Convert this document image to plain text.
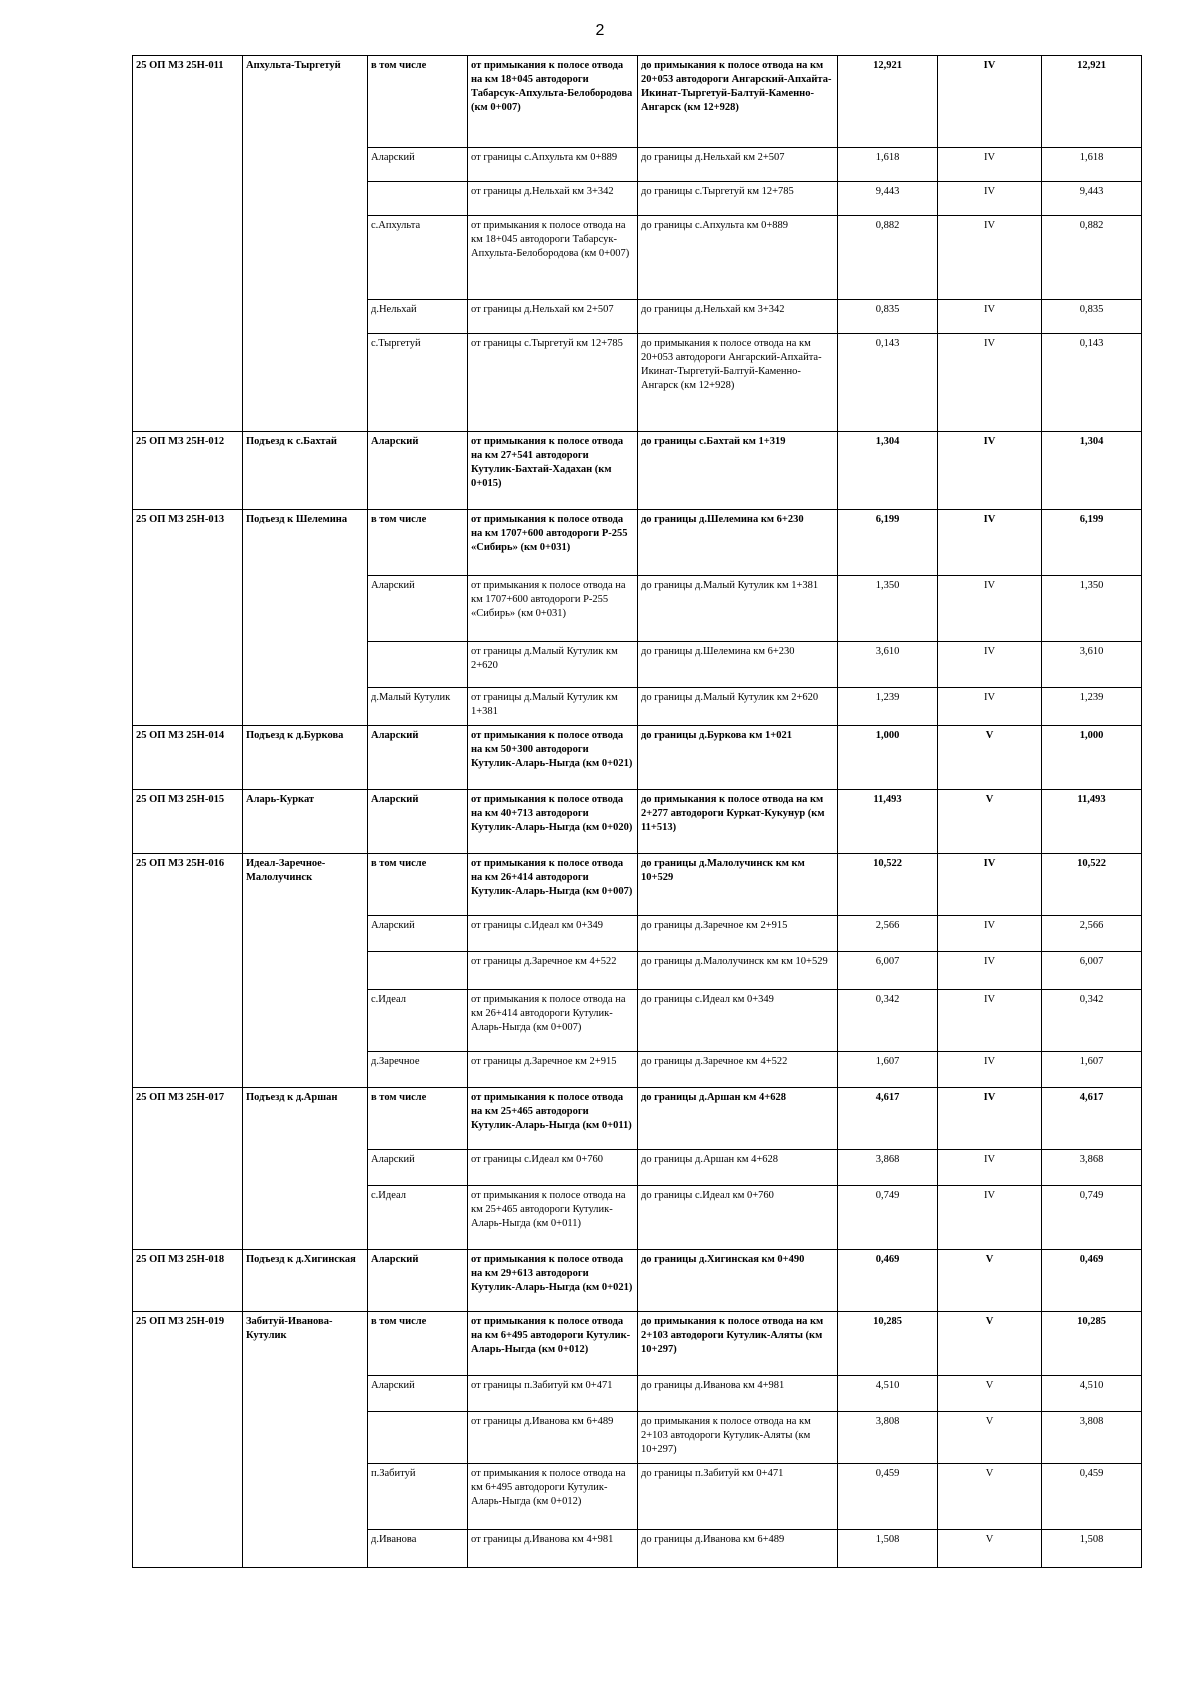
2
25 ОП МЗ 25Н-011	Апхульта-Тыргетуй	в том числе	от примыкания к полосе отвода на км 18+045 автодороги Табарсук-Апхульта-Белобородова (км 0+007)	до примыкания к полосе отвода на км 20+053 автодороги Ангарский-Апхайта-Икинат-Тыргетуй-Балтуй-Каменно-Ангарск (км 12+928)	12,921	IV	12,921
		Аларский	от границы с.Апхульта км 0+889	до границы д.Нельхай км 2+507	1,618	IV	1,618
			от границы д.Нельхай км 3+342	до границы с.Тыргетуй км 12+785	9,443	IV	9,443
		с.Апхульта	от примыкания к полосе отвода на км 18+045 автодороги Табарсук-Апхульта-Белобородова (км 0+007)	до границы с.Апхульта км 0+889	0,882	IV	0,882
		д.Нельхай	от границы д.Нельхай км 2+507	до границы д.Нельхай км 3+342	0,835	IV	0,835
		с.Тыргетуй	от границы с.Тыргетуй км 12+785	до примыкания к полосе отвода на км 20+053 автодороги Ангарский-Апхайта-Икинат-Тыргетуй-Балтуй-Каменно-Ангарск (км 12+928)	0,143	IV	0,143
25 ОП МЗ 25Н-012	Подъезд к с.Бахтай	Аларский	от примыкания к полосе отвода на км 27+541 автодороги Кутулик-Бахтай-Хадахан (км 0+015)	до границы с.Бахтай км 1+319	1,304	IV	1,304
25 ОП МЗ 25Н-013	Подъезд к Шелемина	в том числе	от примыкания к полосе отвода на км 1707+600 автодороги Р-255 «Сибирь» (км 0+031)	до границы д.Шелемина км 6+230	6,199	IV	6,199
		Аларский	от примыкания к полосе отвода на км 1707+600 автодороги Р-255 «Сибирь» (км 0+031)	до границы д.Малый Кутулик км 1+381	1,350	IV	1,350
			от границы д.Малый Кутулик км 2+620	до границы д.Шелемина км 6+230	3,610	IV	3,610
		д.Малый Кутулик	от границы д.Малый Кутулик км 1+381	до границы д.Малый Кутулик км 2+620	1,239	IV	1,239
25 ОП МЗ 25Н-014	Подъезд к д.Буркова	Аларский	от примыкания к полосе отвода на км 50+300 автодороги Кутулик-Аларь-Ныгда (км 0+021)	до границы д.Буркова км 1+021	1,000	V	1,000
25 ОП МЗ 25Н-015	Аларь-Куркат	Аларский	от примыкания к полосе отвода на км 40+713 автодороги Кутулик-Аларь-Ныгда (км 0+020)	до примыкания к полосе отвода на км 2+277 автодороги Куркат-Кукунур (км 11+513)	11,493	V	11,493
25 ОП МЗ 25Н-016	Идеал-Заречное-Малолучинск	в том числе	от примыкания к полосе отвода на км 26+414 автодороги Кутулик-Аларь-Ныгда (км 0+007)	до границы д.Малолучинск км км 10+529	10,522	IV	10,522
		Аларский	от границы с.Идеал км 0+349	до границы д.Заречное км 2+915	2,566	IV	2,566
			от границы д.Заречное км 4+522	до границы д.Малолучинск км км 10+529	6,007	IV	6,007
		с.Идеал	от примыкания к полосе отвода на км 26+414 автодороги Кутулик-Аларь-Ныгда (км 0+007)	до границы с.Идеал км 0+349	0,342	IV	0,342
		д.Заречное	от границы д.Заречное км 2+915	до границы д.Заречное км 4+522	1,607	IV	1,607
25 ОП МЗ 25Н-017	Подъезд к д.Аршан	в том числе	от примыкания к полосе отвода на км 25+465 автодороги Кутулик-Аларь-Ныгда (км 0+011)	до границы д.Аршан км 4+628	4,617	IV	4,617
		Аларский	от границы с.Идеал км 0+760	до границы д.Аршан км 4+628	3,868	IV	3,868
		с.Идеал	от примыкания к полосе отвода на км 25+465 автодороги Кутулик-Аларь-Ныгда (км 0+011)	до границы с.Идеал км 0+760	0,749	IV	0,749
25 ОП МЗ 25Н-018	Подъезд к д.Хигинская	Аларский	от примыкания к полосе отвода на км 29+613 автодороги Кутулик-Аларь-Ныгда (км 0+021)	до границы д.Хигинская км 0+490	0,469	V	0,469
25 ОП МЗ 25Н-019	Забитуй-Иванова-Кутулик	в том числе	от примыкания к полосе отвода на км 6+495 автодороги Кутулик-Аларь-Ныгда (км 0+012)	до примыкания к полосе отвода на км 2+103 автодороги Кутулик-Аляты (км 10+297)	10,285	V	10,285
		Аларский	от границы п.Забитуй км 0+471	до границы д.Иванова км 4+981	4,510	V	4,510
			от границы д.Иванова км 6+489	до примыкания к полосе отвода на км 2+103 автодороги Кутулик-Аляты (км 10+297)	3,808	V	3,808
		п.Забитуй	от примыкания к полосе отвода на км 6+495 автодороги Кутулик-Аларь-Ныгда (км 0+012)	до границы п.Забитуй км 0+471	0,459	V	0,459
		д.Иванова	от границы д.Иванова км 4+981	до границы д.Иванова км 6+489	1,508	V	1,508
